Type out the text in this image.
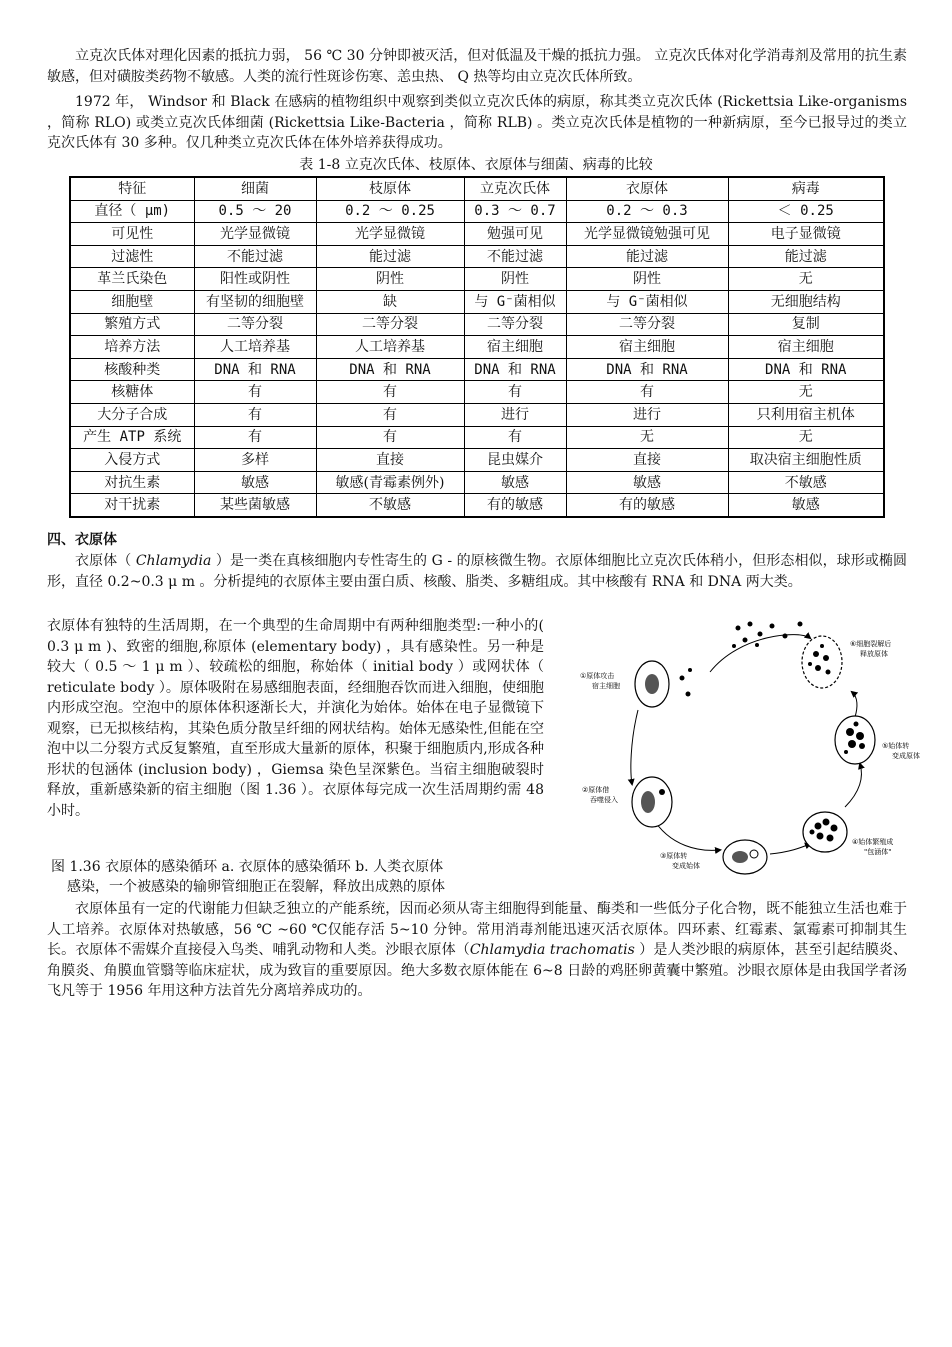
立克次氏体对理化因素的抵抗力弱， 56 ℃ 30 分钟即被灭活，但对低温及干燥的抵抗力强。 立克次氏体对化学消毒剂及常用的抗生素敏感，但对磺胺类药物不敏感。人类的流行性斑诊伤寒、恙虫热、 Q 热等均由立克次氏体所致。

1972 年， Windsor 和 Black 在感病的植物组织中观察到类似立克次氏体的病原，称其类立克次氏体 (Rickettsia Like-organisms ，简称 RLO) 或类立克次氏体细菌 (Rickettsia Like-Bacteria ，简称 RLB) 。类立克次氏体是植物的一种新病原，至今已报导过的类立克次氏体有 30 多种。仅几种类立克次氏体在体外培养获得成功。

表 1-8 立克次氏体、枝原体、衣原体与细菌、病毒的比较

特征	细菌	枝原体	立克次氏体	衣原体	病毒
直径（ μm)	0.5 ～ 20	0.2 ～ 0.25	0.3 ～ 0.7	0.2 ～ 0.3	＜ 0.25
可见性	光学显微镜	光学显微镜	勉强可见	光学显微镜勉强可见	电子显微镜
过滤性	不能过滤	能过滤	不能过滤	能过滤	能过滤
革兰氏染色	阳性或阴性	阴性	阴性	阴性	无
细胞壁	有坚韧的细胞壁	缺	与 G⁻菌相似	与 G⁻菌相似	无细胞结构
繁殖方式	二等分裂	二等分裂	二等分裂	二等分裂	复制
培养方法	人工培养基	人工培养基	宿主细胞	宿主细胞	宿主细胞
核酸种类	DNA 和 RNA	DNA 和 RNA	DNA 和 RNA	DNA 和 RNA	DNA 和 RNA
核糖体	有	有	有	有	无
大分子合成	有	有	进行	进行	只利用宿主机体
产生 ATP 系统	有	有	有	无	无
入侵方式	多样	直接	昆虫媒介	直接	取决宿主细胞性质
对抗生素	敏感	敏感(青霉素例外)	敏感	敏感	不敏感
对干扰素	某些菌敏感	不敏感	有的敏感	有的敏感	敏感

四、衣原体

衣原体（ Chlamydia ）是一类在真核细胞内专性寄生的 G - 的原核微生物。衣原体细胞比立克次氏体稍小，但形态相似，球形或椭圆形，直径 0.2~0.3 μ m 。分析提纯的衣原体主要由蛋白质、核酸、脂类、多糖组成。其中核酸有 RNA 和 DNA 两大类。

衣原体有独特的生活周期，在一个典型的生命周期中有两种细胞类型:一种小的( 0.3 μ m )、致密的细胞,称原体 (elementary body) ，具有感染性。另一种是较大（ 0.5 ～ 1 μ m ）、较疏松的细胞，称始体（ initial body ）或网状体（ reticulate body ）。原体吸附在易感细胞表面，经细胞吞饮而进入细胞，使细胞内形成空泡。空泡中的原体体积逐渐长大，并演化为始体。始体在电子显微镜下观察，已无拟核结构，其染色质分散呈纤细的网状结构。始体无感染性,但能在空泡中以二分裂方式反复繁殖，直至形成大量新的原体，积聚于细胞质内,形成各种形状的包涵体 (inclusion body) ，Giemsa 染色呈深紫色。当宿主细胞破裂时释放，重新感染新的宿主细胞（图 1.36 ）。衣原体每完成一次生活周期约需 48 小时。

图 1.36 衣原体的感染循环 a. 衣原体的感染循环 b. 人类衣原体
感染，一个被感染的输卵管细胞正在裂解，释放出成熟的原体
①原体攻击
宿主细胞
②原体借
吞噬侵入
③原体转
变成始体
④始体繁殖成
"包涵体"
⑤始体转
变成原体
⑥细胞裂解后
释放原体

衣原体虽有一定的代谢能力但缺乏独立的产能系统，因而必须从寄主细胞得到能量、酶类和一些低分子化合物，既不能独立生活也难于人工培养。衣原体对热敏感，56 ℃ ~60 ℃仅能存活 5~10 分钟。常用消毒剂能迅速灭活衣原体。四环素、红霉素、氯霉素可抑制其生长。衣原体不需媒介直接侵入鸟类、哺乳动物和人类。沙眼衣原体（Chlamydia trachomatis ）是人类沙眼的病原体，甚至引起结膜炎、角膜炎、角膜血管翳等临床症状，成为致盲的重要原因。绝大多数衣原体能在 6~8 日龄的鸡胚卵黄囊中繁殖。沙眼衣原体是由我国学者汤飞凡等于 1956 年用这种方法首先分离培养成功的。
